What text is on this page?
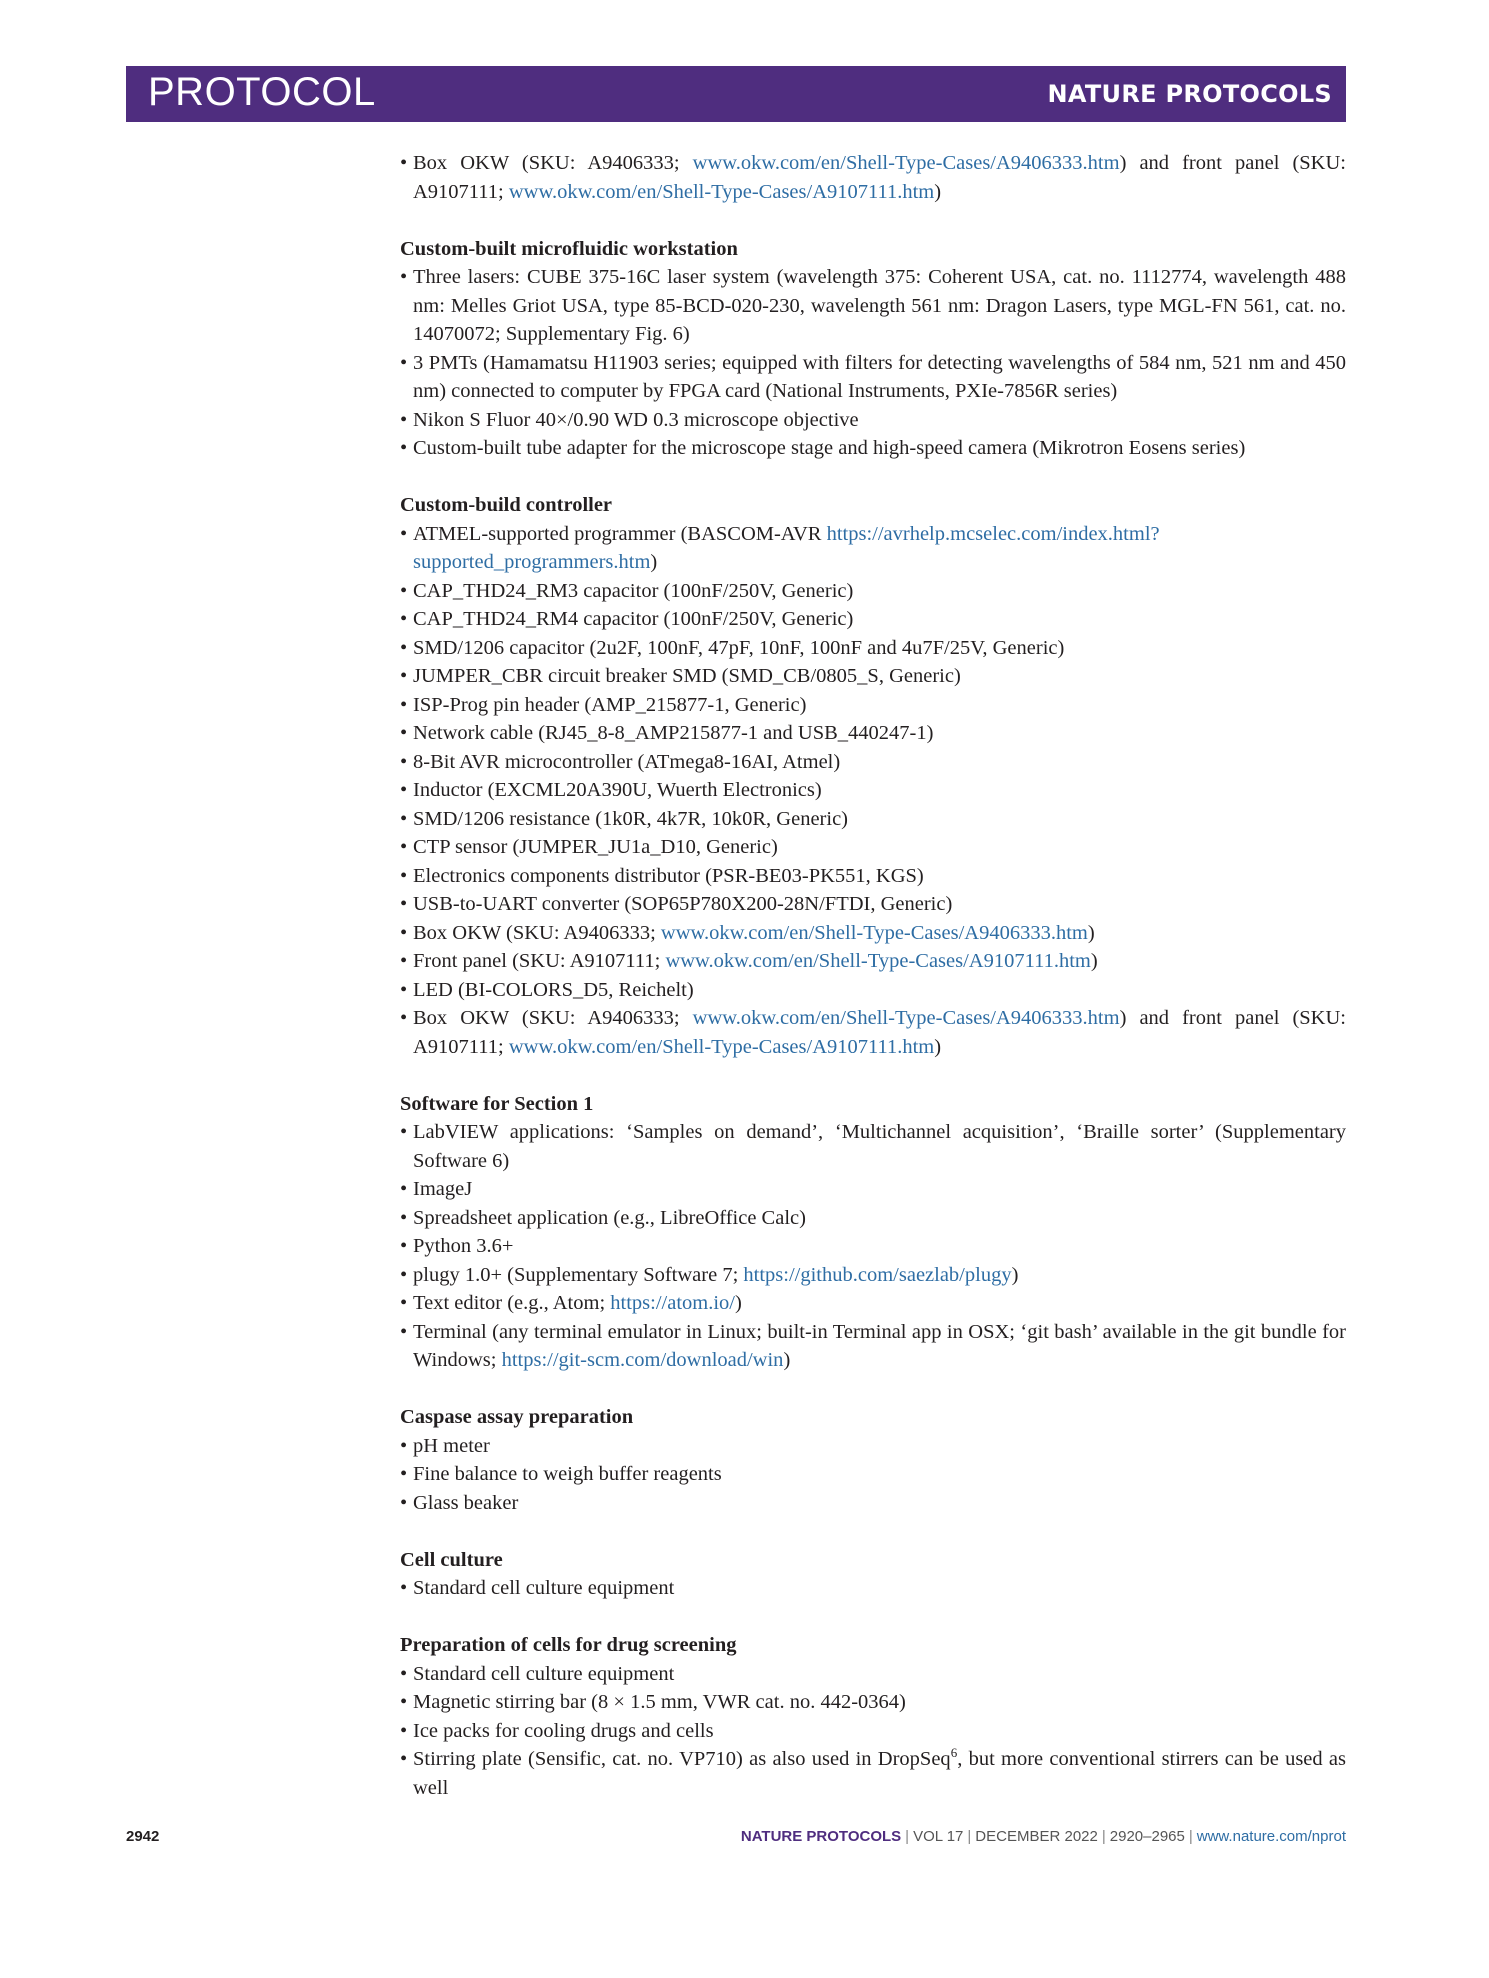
PROTOCOL	NATURE PROTOCOLS
• Box OKW (SKU: A9406333; www.okw.com/en/Shell-Type-Cases/A9406333.htm) and front panel (SKU: A9107111; www.okw.com/en/Shell-Type-Cases/A9107111.htm)
Custom-built microfluidic workstation
• Three lasers: CUBE 375-16C laser system (wavelength 375: Coherent USA, cat. no. 1112774, wavelength 488 nm: Melles Griot USA, type 85-BCD-020-230, wavelength 561 nm: Dragon Lasers, type MGL-FN 561, cat. no. 14070072; Supplementary Fig. 6)
• 3 PMTs (Hamamatsu H11903 series; equipped with filters for detecting wavelengths of 584 nm, 521 nm and 450 nm) connected to computer by FPGA card (National Instruments, PXIe-7856R series)
• Nikon S Fluor 40×/0.90 WD 0.3 microscope objective
• Custom-built tube adapter for the microscope stage and high-speed camera (Mikrotron Eosens series)
Custom-build controller
• ATMEL-supported programmer (BASCOM-AVR https://avrhelp.mcselec.com/index.html?supported_programmers.htm)
• CAP_THD24_RM3 capacitor (100nF/250V, Generic)
• CAP_THD24_RM4 capacitor (100nF/250V, Generic)
• SMD/1206 capacitor (2u2F, 100nF, 47pF, 10nF, 100nF and 4u7F/25V, Generic)
• JUMPER_CBR circuit breaker SMD (SMD_CB/0805_S, Generic)
• ISP-Prog pin header (AMP_215877-1, Generic)
• Network cable (RJ45_8-8_AMP215877-1 and USB_440247-1)
• 8-Bit AVR microcontroller (ATmega8-16AI, Atmel)
• Inductor (EXCML20A390U, Wuerth Electronics)
• SMD/1206 resistance (1k0R, 4k7R, 10k0R, Generic)
• CTP sensor (JUMPER_JU1a_D10, Generic)
• Electronics components distributor (PSR-BE03-PK551, KGS)
• USB-to-UART converter (SOP65P780X200-28N/FTDI, Generic)
• Box OKW (SKU: A9406333; www.okw.com/en/Shell-Type-Cases/A9406333.htm)
• Front panel (SKU: A9107111; www.okw.com/en/Shell-Type-Cases/A9107111.htm)
• LED (BI-COLORS_D5, Reichelt)
• Box OKW (SKU: A9406333; www.okw.com/en/Shell-Type-Cases/A9406333.htm) and front panel (SKU: A9107111; www.okw.com/en/Shell-Type-Cases/A9107111.htm)
Software for Section 1
• LabVIEW applications: ‘Samples on demand’, ‘Multichannel acquisition’, ‘Braille sorter’ (Supplementary Software 6)
• ImageJ
• Spreadsheet application (e.g., LibreOffice Calc)
• Python 3.6+
• plugy 1.0+ (Supplementary Software 7; https://github.com/saezlab/plugy)
• Text editor (e.g., Atom; https://atom.io/)
• Terminal (any terminal emulator in Linux; built-in Terminal app in OSX; ‘git bash’ available in the git bundle for Windows; https://git-scm.com/download/win)
Caspase assay preparation
• pH meter
• Fine balance to weigh buffer reagents
• Glass beaker
Cell culture
• Standard cell culture equipment
Preparation of cells for drug screening
• Standard cell culture equipment
• Magnetic stirring bar (8 × 1.5 mm, VWR cat. no. 442-0364)
• Ice packs for cooling drugs and cells
• Stirring plate (Sensific, cat. no. VP710) as also used in DropSeq$^6$, but more conventional stirrers can be used as well
2942	NATURE PROTOCOLS | VOL 17 | DECEMBER 2022 | 2920–2965 | www.nature.com/nprot
